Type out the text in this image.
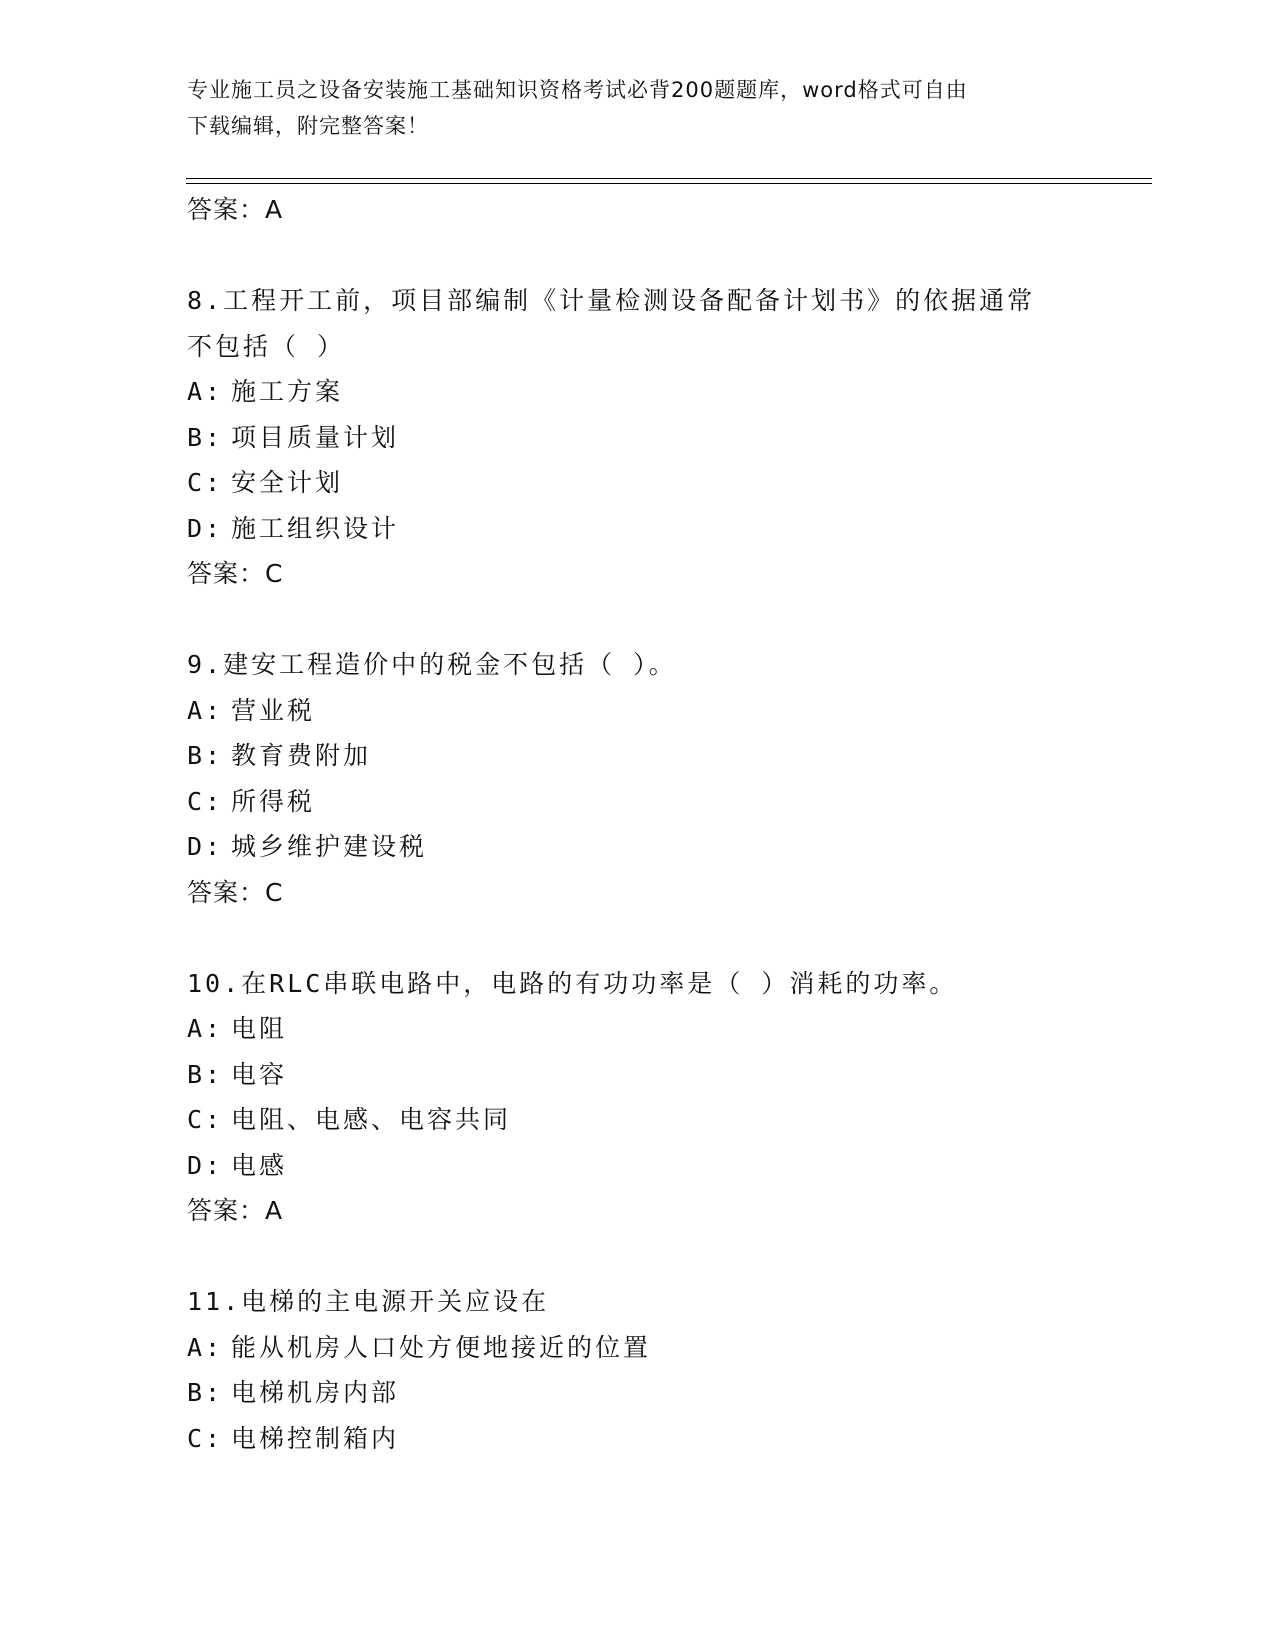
专业施工员之设备安装施工基础知识资格考试必背200题题库，word格式可自由
下载编辑，附完整答案！
答案：A
8.工程开工前，项目部编制《计量检测设备配备计划书》的依据通常
不包括（ ）
A: 施工方案
B: 项目质量计划
C: 安全计划
D: 施工组织设计
答案：C
9.建安工程造价中的税金不包括（ ）。
A: 营业税
B: 教育费附加
C: 所得税
D: 城乡维护建设税
答案：C
10.在RLC串联电路中，电路的有功功率是（ ）消耗的功率。
A: 电阻
B: 电容
C: 电阻、电感、电容共同
D: 电感
答案：A
11.电梯的主电源开关应设在
A: 能从机房人口处方便地接近的位置
B: 电梯机房内部
C: 电梯控制箱内
